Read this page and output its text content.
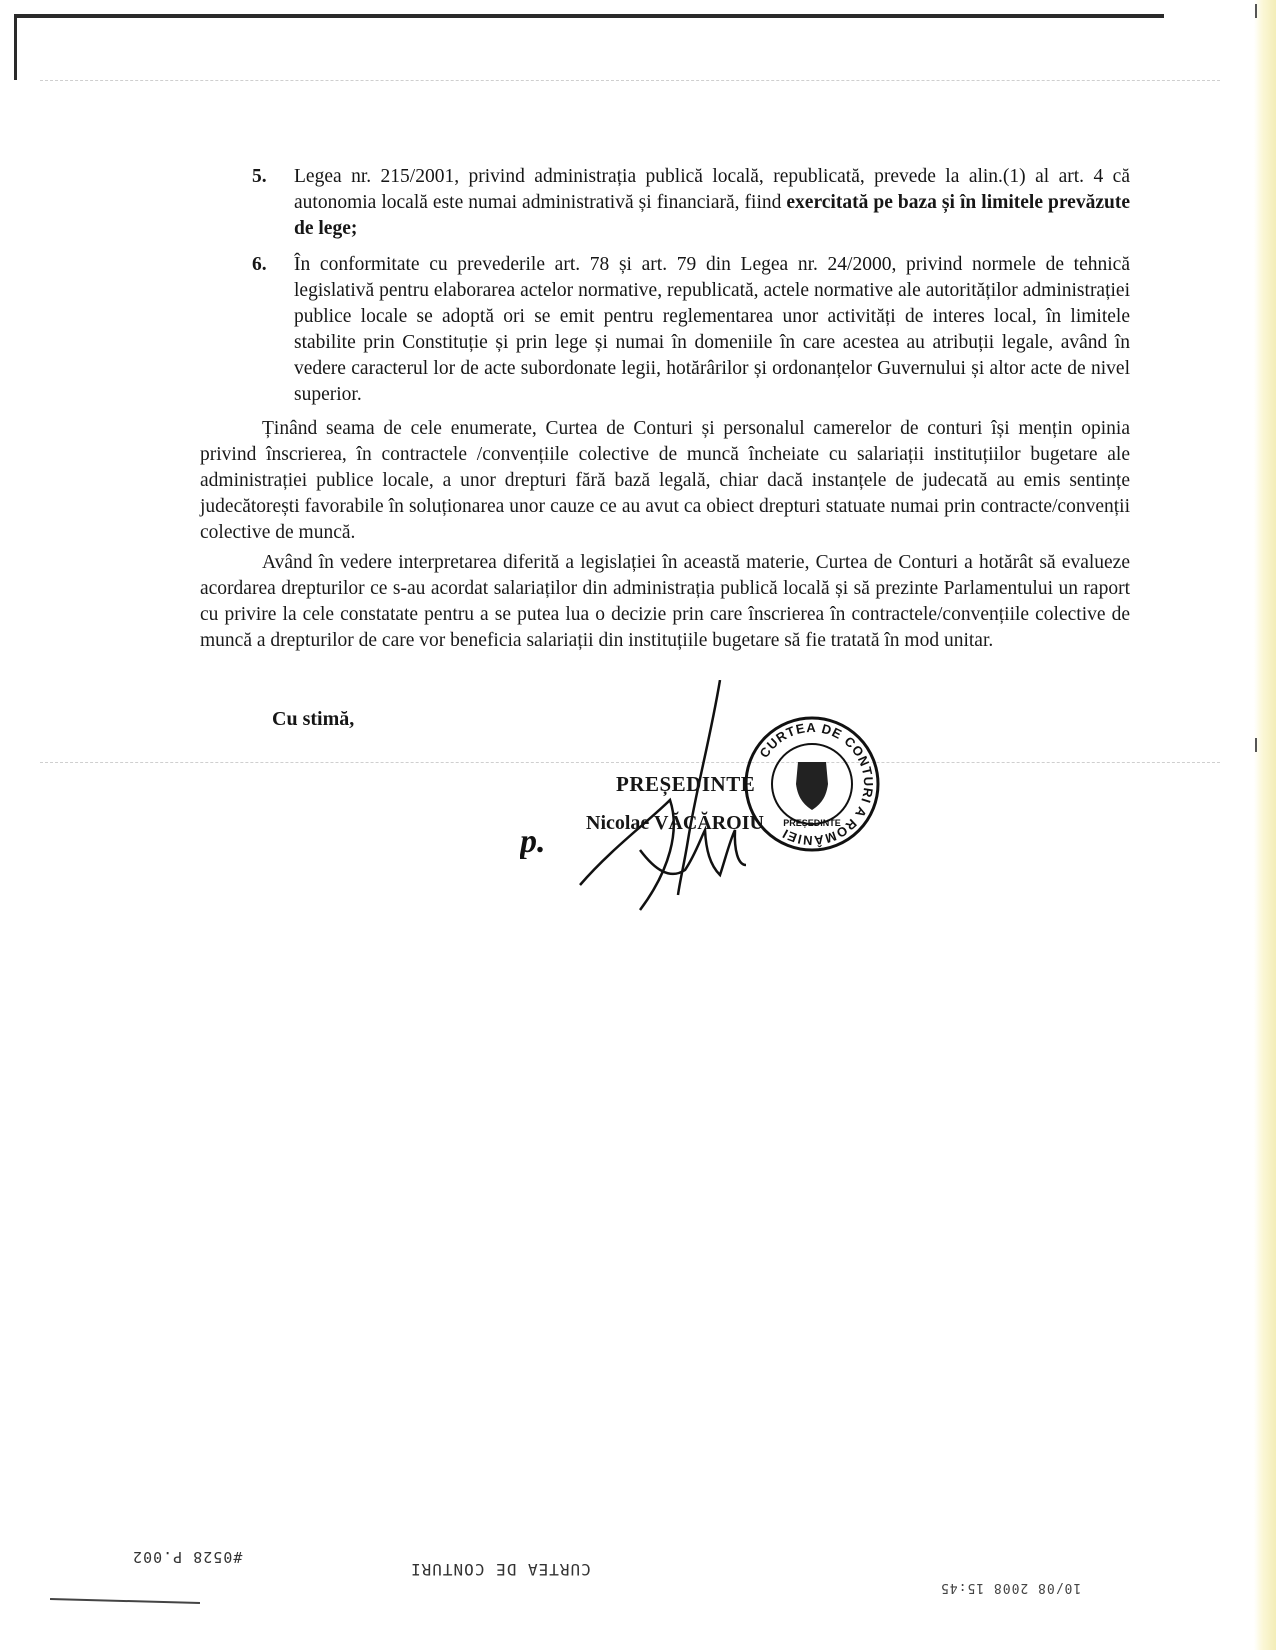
5. Legea nr. 215/2001, privind administrația publică locală, republicată, prevede la alin.(1) al art. 4 că autonomia locală este numai administrativă și financiară, fiind exercitată pe baza și în limitele prevăzute de lege;
6. În conformitate cu prevederile art. 78 și art. 79 din Legea nr. 24/2000, privind normele de tehnică legislativă pentru elaborarea actelor normative, republicată, actele normative ale autorităților administrației publice locale se adoptă ori se emit pentru reglementarea unor activități de interes local, în limitele stabilite prin Constituție și prin lege și numai în domeniile în care acestea au atribuții legale, având în vedere caracterul lor de acte subordonate legii, hotărârilor și ordonanțelor Guvernului și altor acte de nivel superior.

Ținând seama de cele enumerate, Curtea de Conturi și personalul camerelor de conturi își mențin opinia privind înscrierea, în contractele /convențiile colective de muncă încheiate cu salariații instituțiilor bugetare ale administrației publice locale, a unor drepturi fără bază legală, chiar dacă instanțele de judecată au emis sentințe judecătorești favorabile în soluționarea unor cauze ce au avut ca obiect drepturi statuate numai prin contracte/convenții colective de muncă.

Având în vedere interpretarea diferită a legislației în această materie, Curtea de Conturi a hotărât să evalueze acordarea drepturilor ce s-au acordat salariaților din administrația publică locală și să prezinte Parlamentului un raport cu privire la cele constatate pentru a se putea lua o decizie prin care înscrierea în contractele/convențiile colective de muncă a drepturilor de care vor beneficia salariații din instituțiile bugetare să fie tratată în mod unitar.

Cu stimă,
p.
PREȘEDINTE
Nicolae VĂCĂROIU
CURTEA DE CONTURI A ROMÂNIEI
PREȘEDINTE
#0528 P.002
CURTEA DE CONTURI
10/08 2008 15:45
